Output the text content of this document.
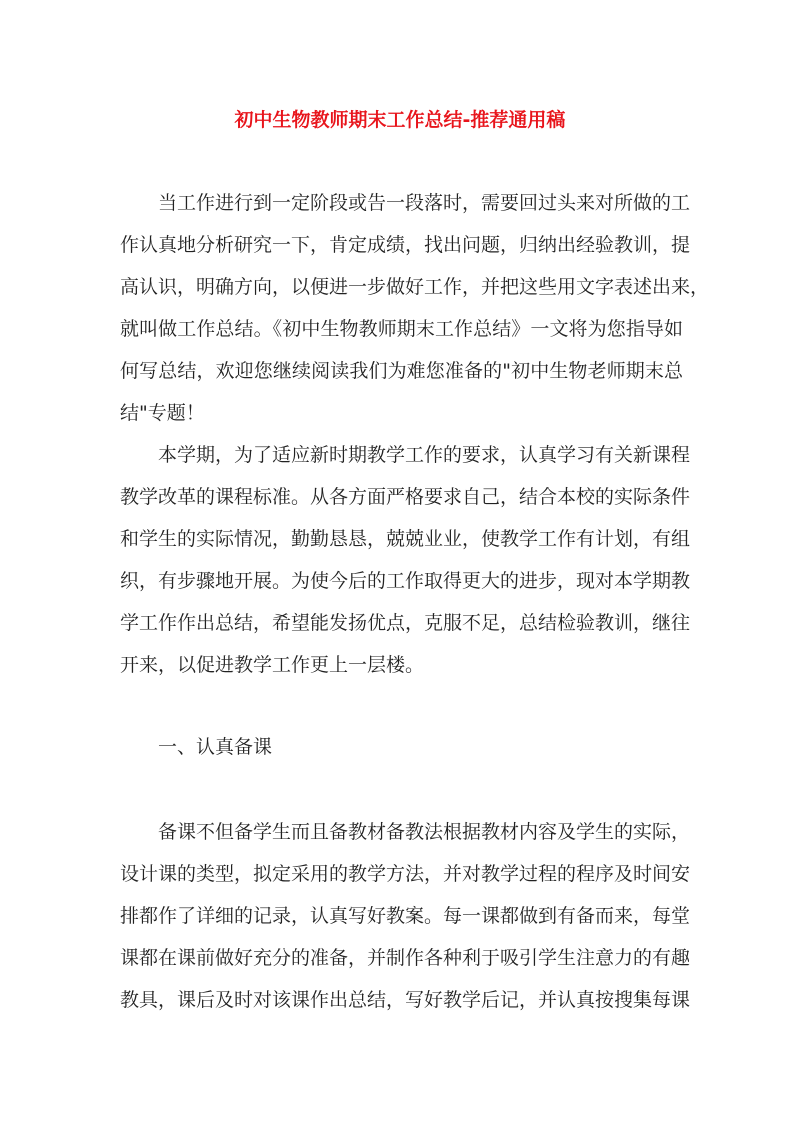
初中生物教师期末工作总结-推荐通用稿
当工作进行到一定阶段或告一段落时，需要回过头来对所做的工
作认真地分析研究一下，肯定成绩，找出问题，归纳出经验教训，提
高认识，明确方向，以便进一步做好工作，并把这些用文字表述出来，
就叫做工作总结。《初中生物教师期末工作总结》一文将为您指导如
何写总结，欢迎您继续阅读我们为难您准备的"初中生物老师期末总
结"专题！
本学期，为了适应新时期教学工作的要求，认真学习有关新课程
教学改革的课程标准。从各方面严格要求自己，结合本校的实际条件
和学生的实际情况，勤勤恳恳，兢兢业业，使教学工作有计划，有组
织，有步骤地开展。为使今后的工作取得更大的进步，现对本学期教
学工作作出总结，希望能发扬优点，克服不足，总结检验教训，继往
开来，以促进教学工作更上一层楼。
一、认真备课
备课不但备学生而且备教材备教法根据教材内容及学生的实际，
设计课的类型，拟定采用的教学方法，并对教学过程的程序及时间安
排都作了详细的记录，认真写好教案。每一课都做到有备而来，每堂
课都在课前做好充分的准备，并制作各种利于吸引学生注意力的有趣
教具，课后及时对该课作出总结，写好教学后记，并认真按搜集每课
